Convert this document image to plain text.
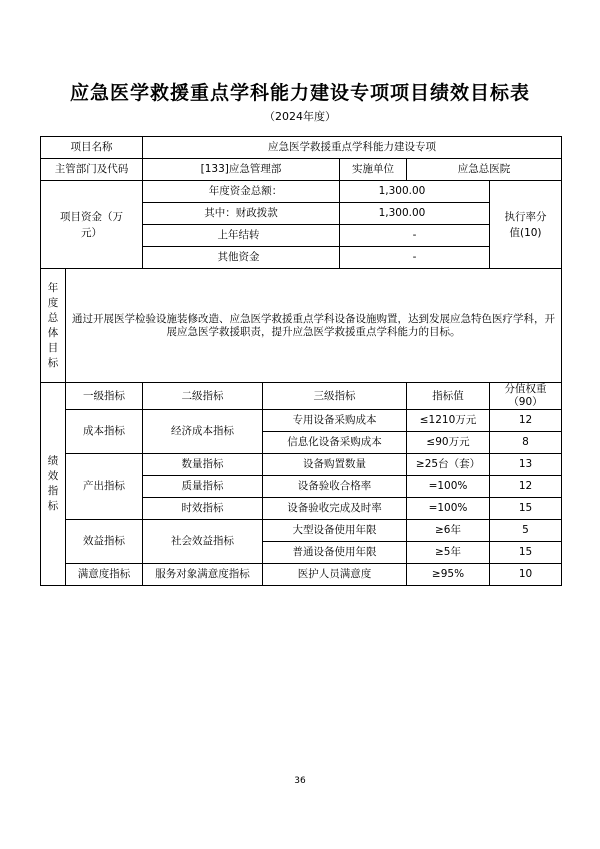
应急医学救援重点学科能力建设专项项目绩效目标表
（2024年度）
项目名称		应急医学救援重点学科能力建设专项				
主管部门及代码		[133]应急管理部		实施单位	应急总医院	
项目资金（万元）		年度资金总额：		1,300.00		执行率分值(10)
		其中：财政拨款		1,300.00		
		上年结转		-		
		其他资金		-		

年度总体目标	通过开展医学检验设施装修改造、应急医学救援重点学科设备设施购置，达到发展应急特色医疗学科，开展应急医学救援职责，提升应急医学救援重点学科能力的目标。					

绩效指标	一级指标	二级指标	三级指标		指标值	分值权重（90）
	成本指标	经济成本指标	专用设备采购成本		≤1210万元	12
			信息化设备采购成本		≤90万元	8
	产出指标	数量指标	设备购置数量		≥25台（套）	13
		质量指标	设备验收合格率		=100%	12
		时效指标	设备验收完成及时率		=100%	15
	效益指标	社会效益指标	大型设备使用年限		≥6年	5
			普通设备使用年限		≥5年	15
	满意度指标	服务对象满意度指标	医护人员满意度		≥95%	10
36
